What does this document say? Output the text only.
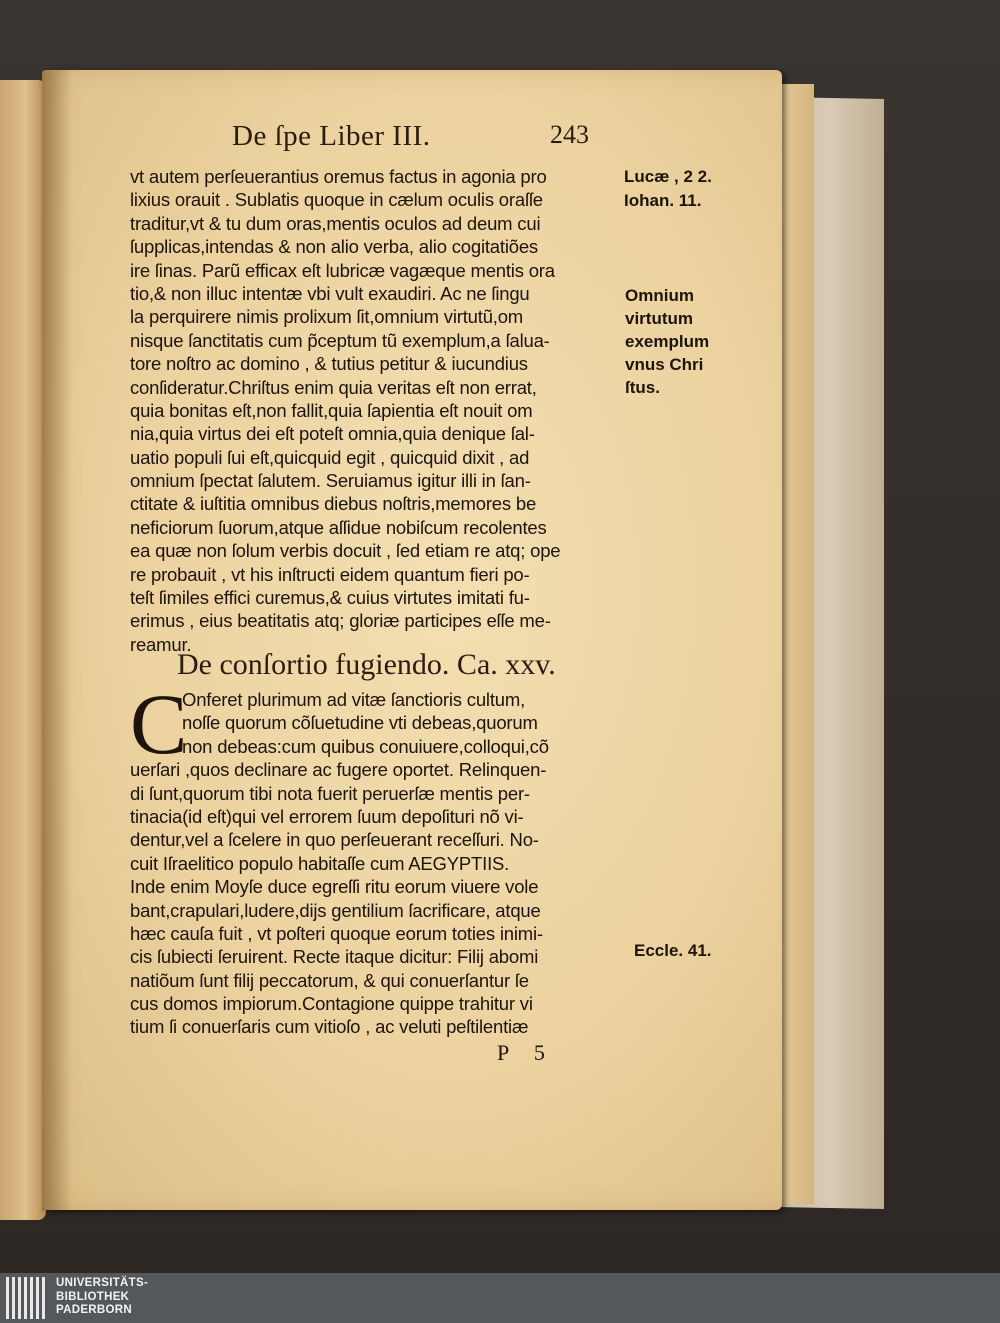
De ſpe Liber III.	243
vt autem perſeuerantius oremus factus in agonia pro
lixius orauit . Sublatis quoque in cælum oculis oraſſe
traditur,vt & tu dum oras,mentis oculos ad deum cui
ſupplicas,intendas & non alio verba, alio cogitatiões
ire ſinas. Parũ efficax eſt lubricæ vagæque mentis ora
tio,& non illuc intentæ vbi vult exaudiri. Ac ne ſingu
la perquirere nimis prolixum ſit,omnium virtutũ,om
nisque ſanctitatis cum p̃ceptum tũ exemplum,a ſalua-
tore noſtro ac domino , & tutius petitur & iucundius
conſideratur.Chriſtus enim quia veritas eſt non errat,
quia bonitas eſt,non fallit,quia ſapientia eſt nouit om
nia,quia virtus dei eſt poteſt omnia,quia denique ſal-
uatio populi ſui eſt,quicquid egit , quicquid dixit , ad
omnium ſpectat ſalutem. Seruiamus igitur illi in ſan-
ctitate & iuſtitia omnibus diebus noſtris,memores be
neficiorum ſuorum,atque aſſidue nobiſcum recolentes
ea quæ non ſolum verbis docuit , ſed etiam re atq; ope
re probauit , vt his inſtructi eidem quantum fieri po-
teſt ſimiles effici curemus,& cuius virtutes imitati fu-
erimus , eius beatitatis atq; gloriæ participes eſſe me-
reamur.
De conſortio fugiendo. Ca. xxv.
C
Onferet plurimum ad vitæ ſanctioris cultum,
noſſe quorum cõſuetudine vti debeas,quorum
non debeas:cum quibus conuiuere,colloqui,cõ
uerſari ,quos declinare ac fugere oportet. Relinquen-
di ſunt,quorum tibi nota fuerit peruerſæ mentis per-
tinacia(id eſt)qui vel errorem ſuum depoſituri nõ vi-
dentur,vel a ſcelere in quo perſeuerant receſſuri. No-
cuit Iſraelitico populo habitaſſe cum AEGYPTIIS.
Inde enim Moyſe duce egreſſi ritu eorum viuere vole
bant,crapulari,ludere,dijs gentilium ſacrificare, atque
hæc cauſa fuit , vt poſteri quoque eorum toties inimi-
cis ſubiecti ſeruirent. Recte itaque dicitur: Filij abomi
natiõum ſunt filij peccatorum, & qui conuerſantur ſe
cus domos impiorum.Contagione quippe trahitur vi
tium ſi conuerſaris cum vitioſo , ac veluti peſtilentiæ
Lucæ , 2 2.
Iohan. 11.
Omnium
virtutum
exemplum
vnus Chri
ſtus.
Eccle. 41.
P 5
UNIVERSITÄTS-
BIBLIOTHEK
PADERBORN
